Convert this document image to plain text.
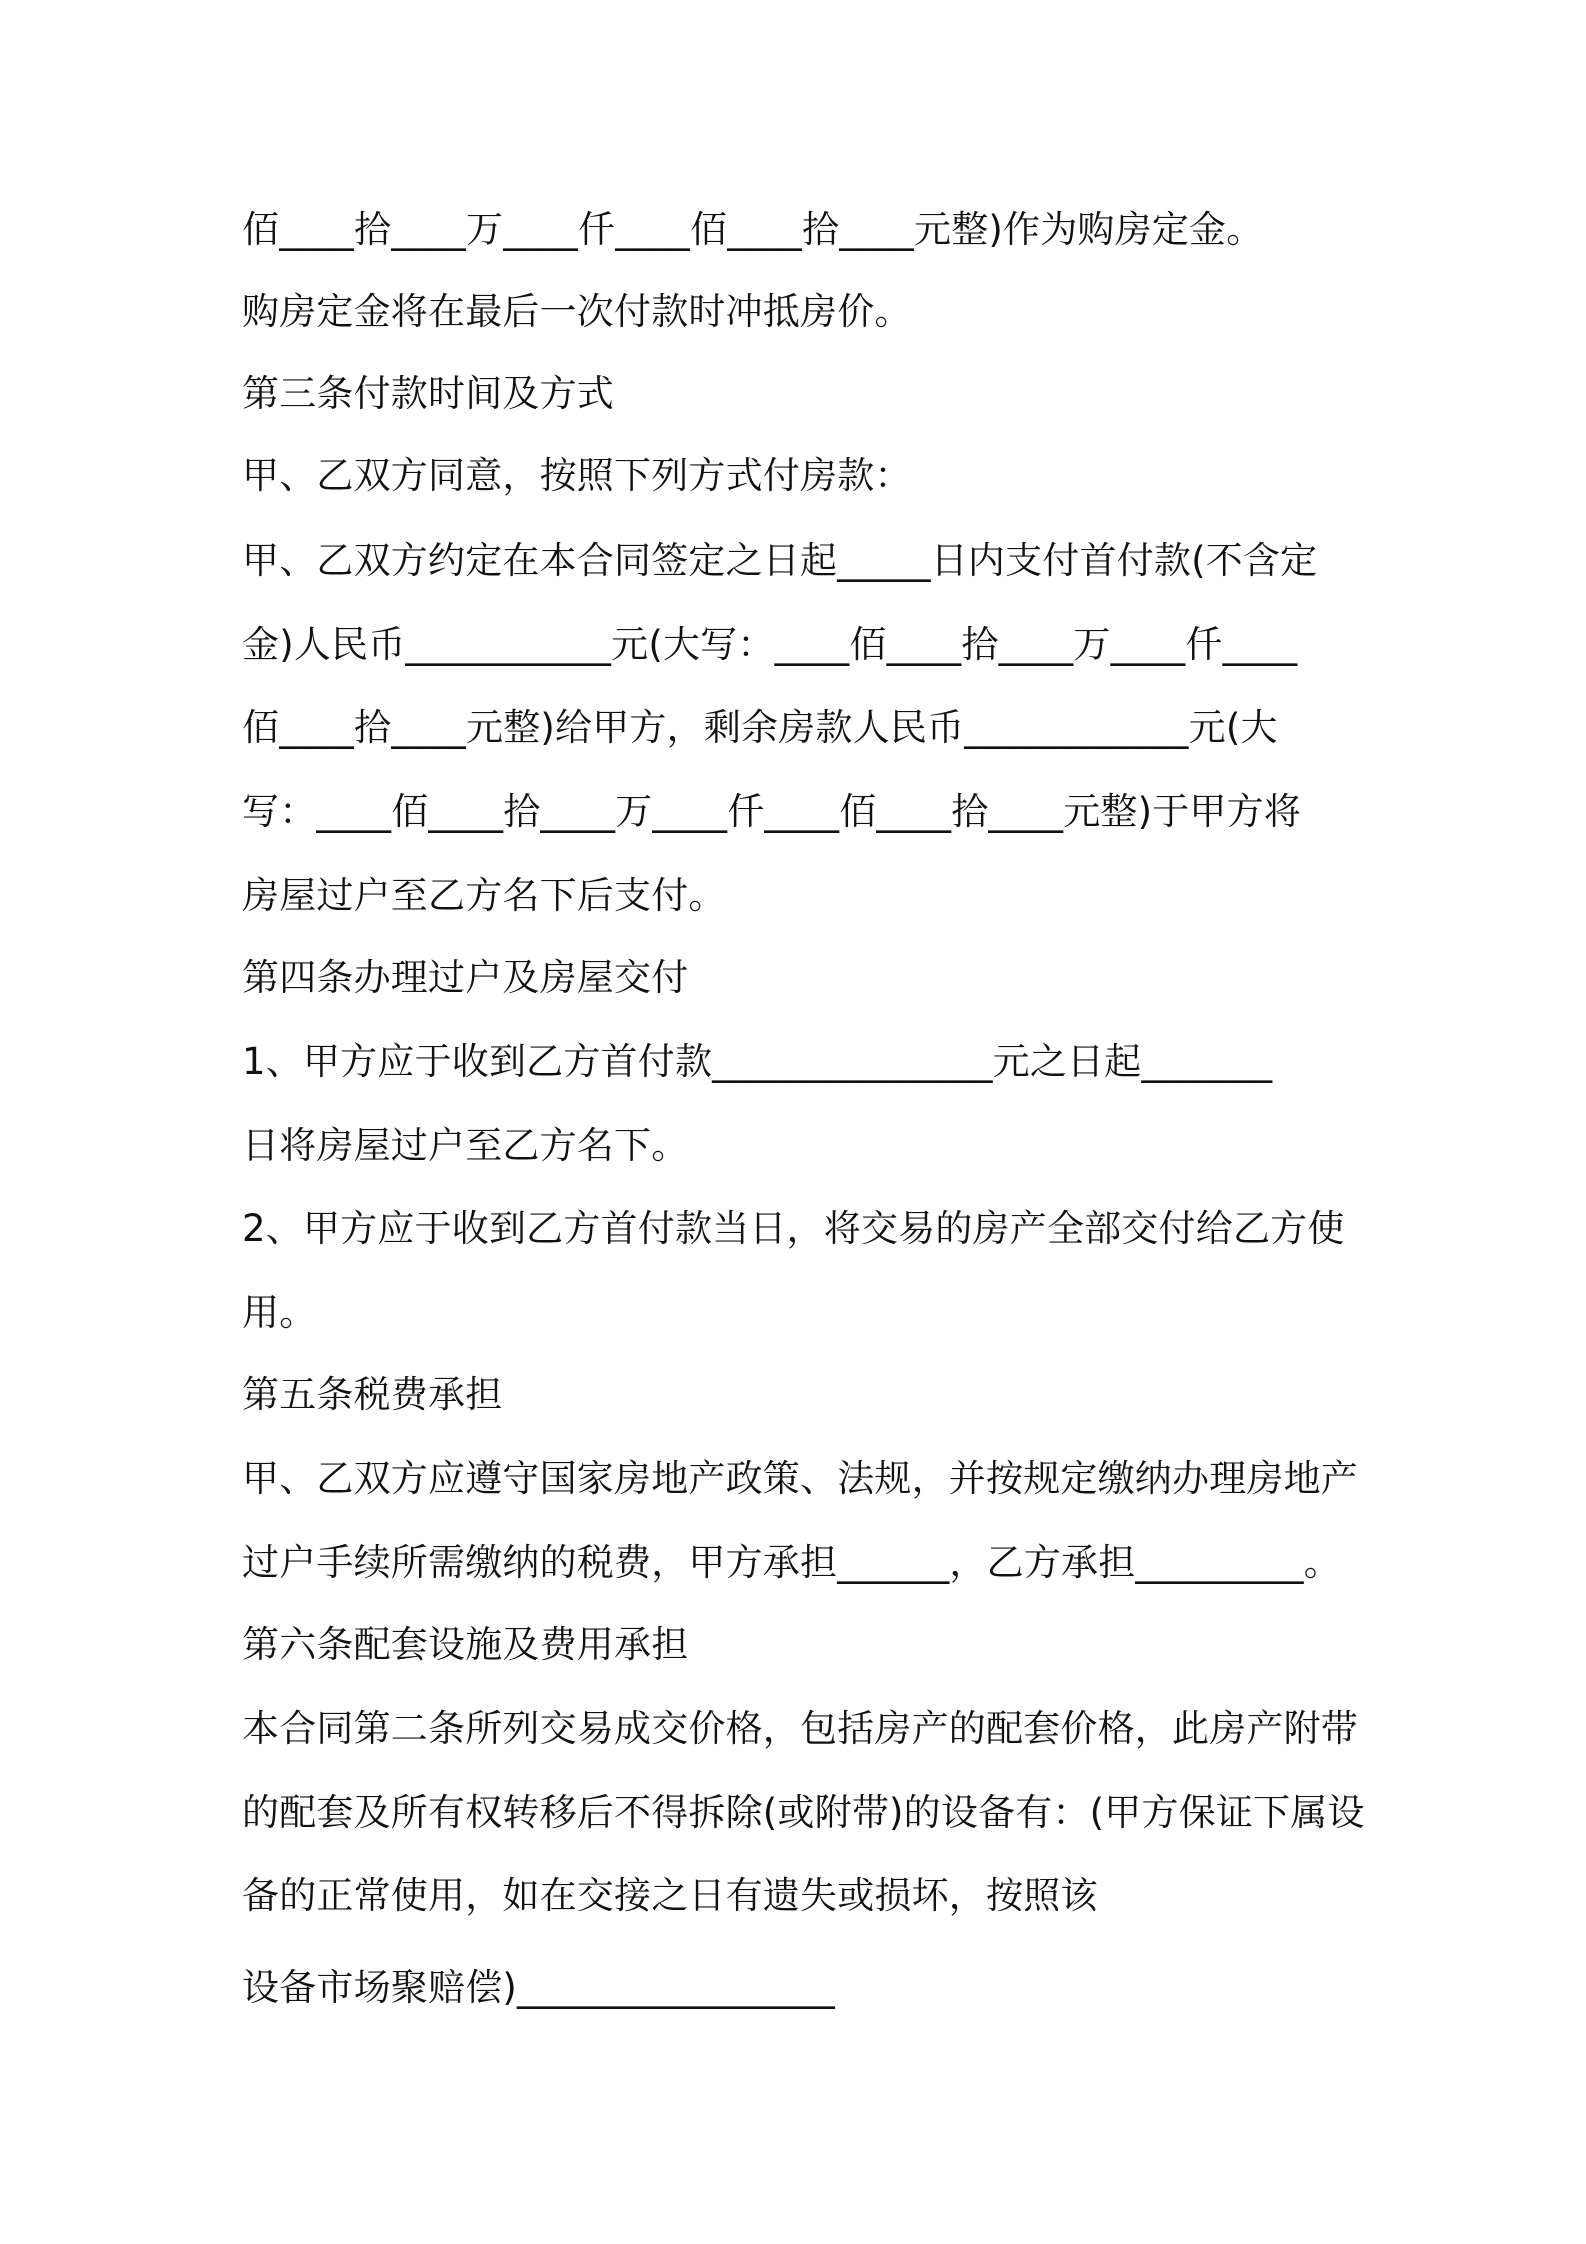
佰____拾____万____仟____佰____拾____元整)作为购房定金。
购房定金将在最后一次付款时冲抵房价。
第三条付款时间及方式
甲、乙双方同意，按照下列方式付房款：
甲、乙双方约定在本合同签定之日起_____日内支付首付款(不含定
金)人民币___________元(大写：____佰____拾____万____仟____
佰____拾____元整)给甲方，剩余房款人民币____________元(大
写：____佰____拾____万____仟____佰____拾____元整)于甲方将
房屋过户至乙方名下后支付。
第四条办理过户及房屋交付
1、甲方应于收到乙方首付款_______________元之日起_______
日将房屋过户至乙方名下。
2、甲方应于收到乙方首付款当日，将交易的房产全部交付给乙方使
用。
第五条税费承担
甲、乙双方应遵守国家房地产政策、法规，并按规定缴纳办理房地产
过户手续所需缴纳的税费，甲方承担______，乙方承担_________。
第六条配套设施及费用承担
本合同第二条所列交易成交价格，包括房产的配套价格，此房产附带
的配套及所有权转移后不得拆除(或附带)的设备有：(甲方保证下属设
备的正常使用，如在交接之日有遗失或损坏，按照该
设备市场聚赔偿)_________________
